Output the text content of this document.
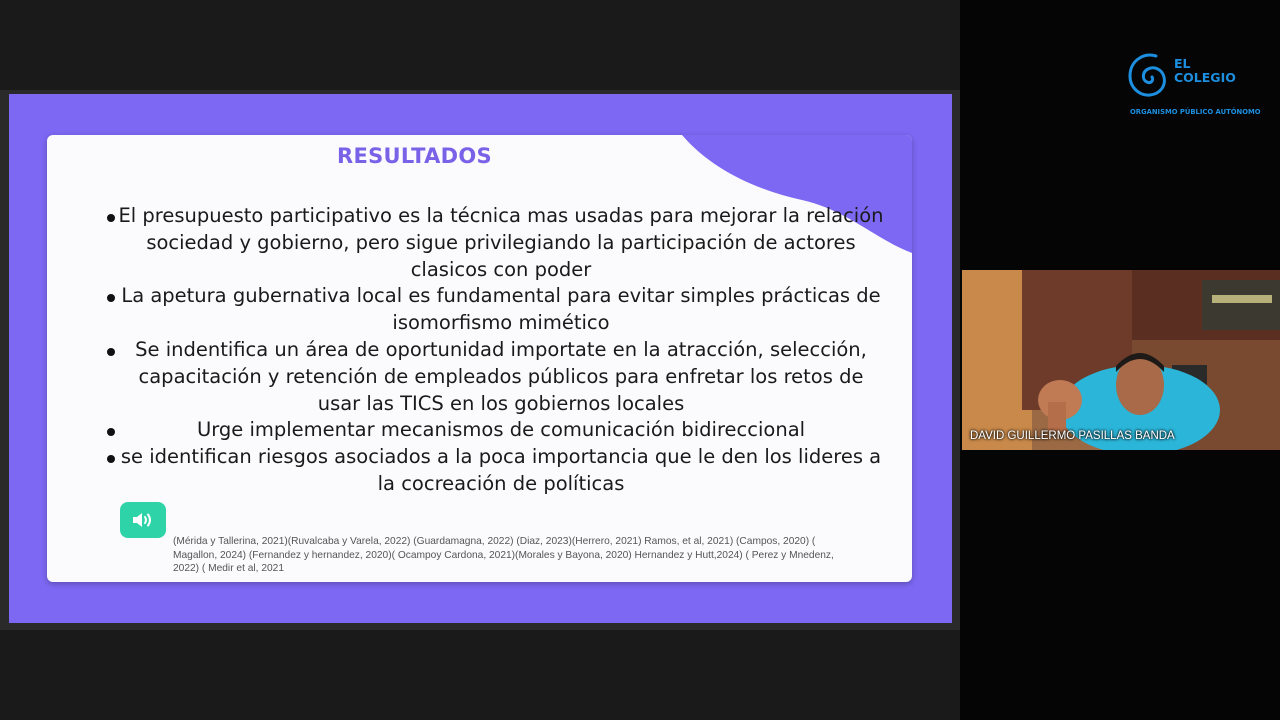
RESULTADOS
El presupuesto participativo es la técnica mas usadas para mejorar la relación sociedad y gobierno, pero sigue privilegiando la participación de actores clasicos con poder
La apetura gubernativa local es fundamental para evitar simples prácticas de isomorfismo mimético
Se indentifica un área de oportunidad importate en la atracción, selección, capacitación y retención de empleados públicos para enfretar los retos de usar las TICS en los gobiernos locales
Urge implementar mecanismos de comunicación bidireccional
se identifican riesgos asociados a la poca importancia que le den los lideres a la cocreación de políticas
(Mérida y Tallerina, 2021)(Ruvalcaba y Varela, 2022) (Guardamagna, 2022) (Diaz, 2023)(Herrero, 2021) Ramos, et al, 2021) (Campos, 2020) ( Magallon, 2024) (Fernandez y hernandez, 2020)( Ocampoy Cardona, 2021)(Morales y Bayona, 2020) Hernandez y Hutt,2024) ( Perez y Mnedenz, 2022) ( Medir et al, 2021
EL
COLEGIO
ORGANISMO PÚBLICO AUTÓNOMO
DAVID GUILLERMO PASILLAS BANDA
